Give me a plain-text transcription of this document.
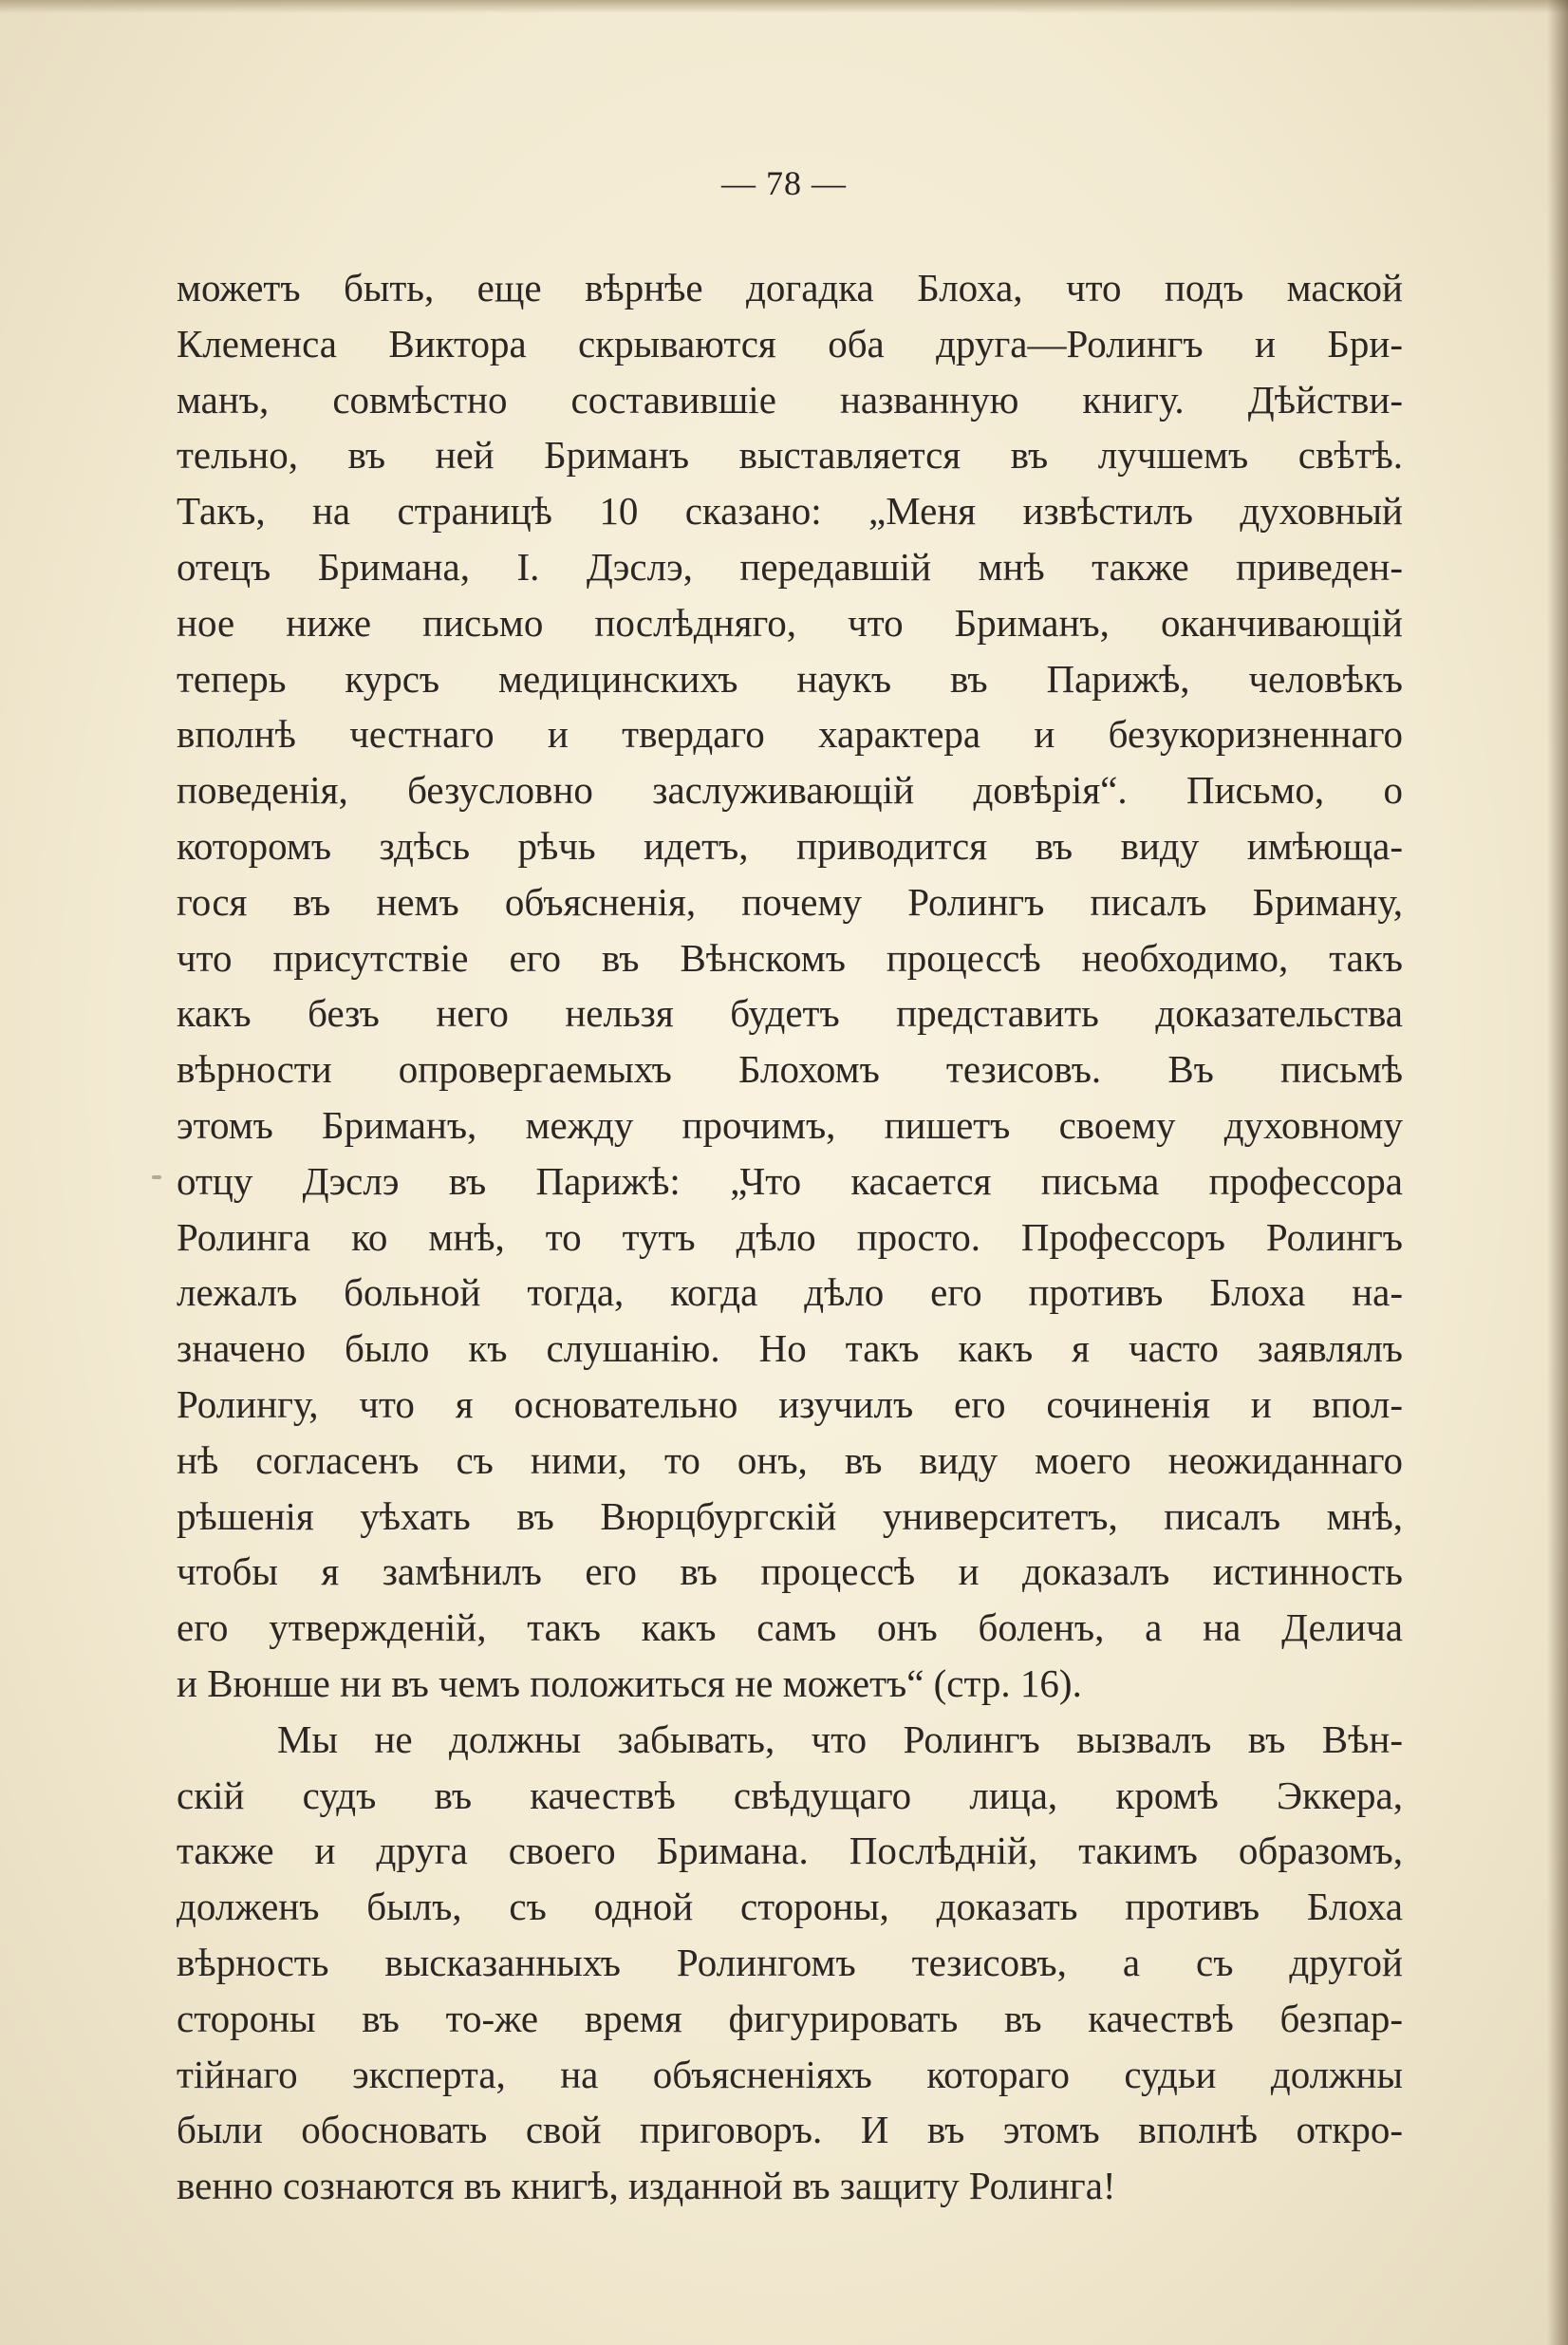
— 78 —
можетъ быть, еще вѣрнѣе догадка Блоха, что подъ маской
Клеменса Виктора скрываются оба друга—Ролингъ и Бри-
манъ, совмѣстно составившіе названную книгу. Дѣйстви-
тельно, въ ней Бриманъ выставляется въ лучшемъ свѣтѣ.
Такъ, на страницѣ 10 сказано: „Меня извѣстилъ духовный
отецъ Бримана, I. Дэслэ, передавшій мнѣ также приведен-
ное ниже письмо послѣдняго, что Бриманъ, оканчивающій
теперь курсъ медицинскихъ наукъ въ Парижѣ, человѣкъ
вполнѣ честнаго и твердаго характера и безукоризненнаго
поведенія, безусловно заслуживающій довѣрія“. Письмо, о
которомъ здѣсь рѣчь идетъ, приводится въ виду имѣюща-
гося въ немъ объясненія, почему Ролингъ писалъ Бриману,
что присутствіе его въ Вѣнскомъ процессѣ необходимо, такъ
какъ безъ него нельзя будетъ представить доказательства
вѣрности опровергаемыхъ Блохомъ тезисовъ. Въ письмѣ
этомъ Бриманъ, между прочимъ, пишетъ своему духовному
отцу Дэслэ въ Парижѣ: „Что касается письма профессора
Ролинга ко мнѣ, то тутъ дѣло просто. Профессоръ Ролингъ
лежалъ больной тогда, когда дѣло его противъ Блоха на-
значено было къ слушанію. Но такъ какъ я часто заявлялъ
Ролингу, что я основательно изучилъ его сочиненія и впол-
нѣ согласенъ съ ними, то онъ, въ виду моего неожиданнаго
рѣшенія уѣхать въ Вюрцбургскій университетъ, писалъ мнѣ,
чтобы я замѣнилъ его въ процессѣ и доказалъ истинность
его утвержденій, такъ какъ самъ онъ боленъ, а на Делича
и Вюнше ни въ чемъ положиться не можетъ“ (стр. 16).
Мы не должны забывать, что Ролингъ вызвалъ въ Вѣн-
скій судъ въ качествѣ свѣдущаго лица, кромѣ Эккера,
также и друга своего Бримана. Послѣдній, такимъ образомъ,
долженъ былъ, съ одной стороны, доказать противъ Блоха
вѣрность высказанныхъ Ролингомъ тезисовъ, а съ другой
стороны въ то-же время фигурировать въ качествѣ безпар-
тійнаго эксперта, на объясненіяхъ котораго судьи должны
были обосновать свой приговоръ. И въ этомъ вполнѣ откро-
венно сознаются въ книгѣ, изданной въ защиту Ролинга!
